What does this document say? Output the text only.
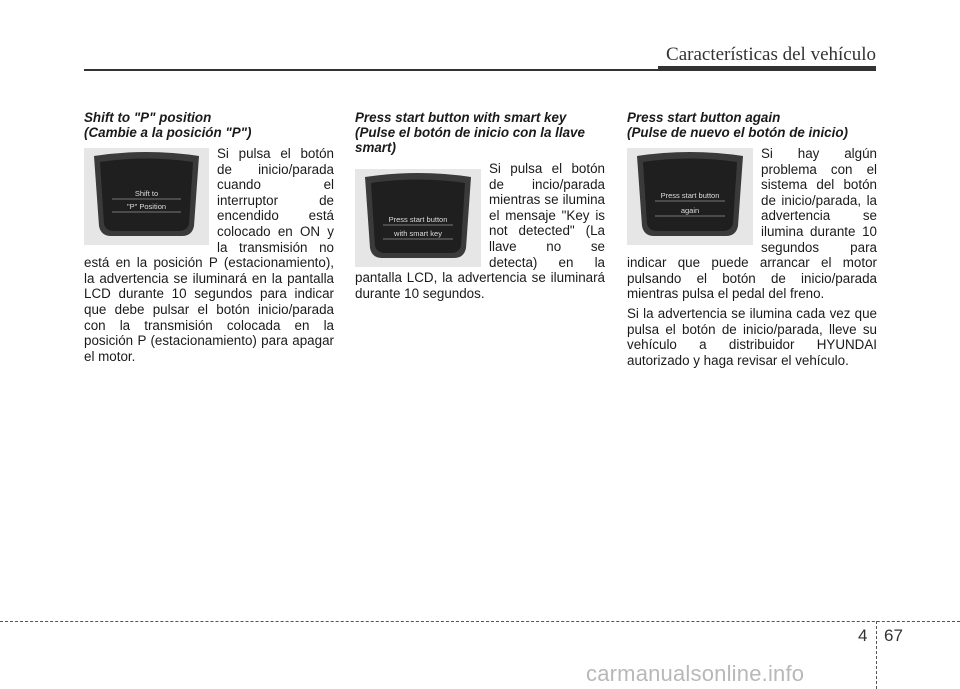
Características del vehículo
Shift to "P" position
(Cambie a la posición "P")
Shift to
"P" Position

Si pulsa el botón de inicio/parada cuando el interruptor de encendido está colocado en ON y la transmisión no está en la posición P (estacionamiento), la advertencia se iluminará en la pantalla LCD durante 10 segundos para indicar que debe pulsar el botón inicio/parada con la transmisión colocada en la posición P (estacionamiento) para apagar el motor.

Press start button with smart key
(Pulse el botón de inicio con la llave smart)
Press start button
with smart key

Si pulsa el botón de incio/parada mientras se ilumina el mensaje "Key is not detected" (La llave no se detecta) en la pantalla LCD, la advertencia se iluminará durante 10 segundos.

Press start button again
(Pulse de nuevo el botón de inicio)
Press start button
again

Si hay algún problema con el sistema del botón de inicio/parada, la advertencia se ilumina durante 10 segundos para indicar que puede arrancar el motor pulsando el botón de inicio/parada mientras pulsa el pedal del freno.

Si la advertencia se ilumina cada vez que pulsa el botón de inicio/parada, lleve su vehículo a distribuidor HYUNDAI autorizado y haga revisar el vehículo.

4 67
carmanualsonline.info
